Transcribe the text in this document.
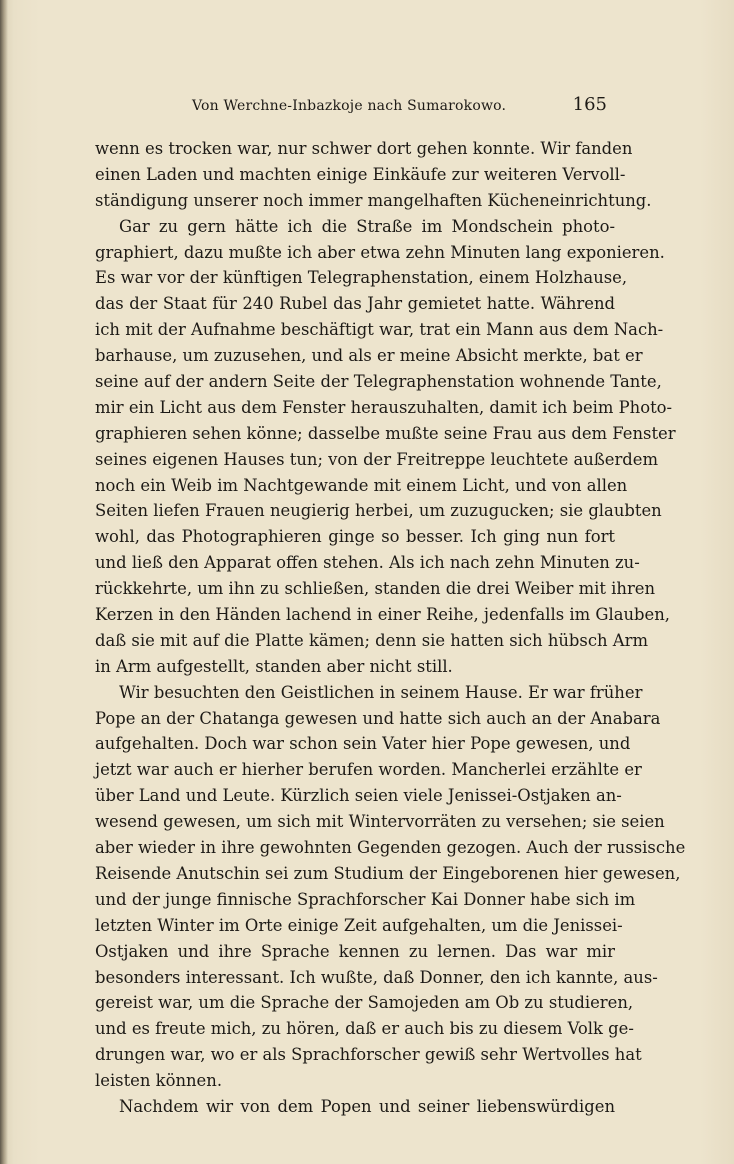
Von Werchne-Inbazkoje nach Sumarokowo.	165
wenn es trocken war, nur schwer dort gehen konnte. Wir fanden
einen Laden und machten einige Einkäufe zur weiteren Vervoll-
ständigung unserer noch immer mangelhaften Kücheneinrichtung.
Gar zu gern hätte ich die Straße im Mondschein photo-
graphiert, dazu mußte ich aber etwa zehn Minuten lang exponieren.
Es war vor der künftigen Telegraphenstation, einem Holzhause,
das der Staat für 240 Rubel das Jahr gemietet hatte. Während
ich mit der Aufnahme beschäftigt war, trat ein Mann aus dem Nach-
barhause, um zuzusehen, und als er meine Absicht merkte, bat er
seine auf der andern Seite der Telegraphenstation wohnende Tante,
mir ein Licht aus dem Fenster herauszuhalten, damit ich beim Photo-
graphieren sehen könne; dasselbe mußte seine Frau aus dem Fenster
seines eigenen Hauses tun; von der Freitreppe leuchtete außerdem
noch ein Weib im Nachtgewande mit einem Licht, und von allen
Seiten liefen Frauen neugierig herbei, um zuzugucken; sie glaubten
wohl, das Photographieren ginge so besser. Ich ging nun fort
und ließ den Apparat offen stehen. Als ich nach zehn Minuten zu-
rückkehrte, um ihn zu schließen, standen die drei Weiber mit ihren
Kerzen in den Händen lachend in einer Reihe, jedenfalls im Glauben,
daß sie mit auf die Platte kämen; denn sie hatten sich hübsch Arm
in Arm aufgestellt, standen aber nicht still.
Wir besuchten den Geistlichen in seinem Hause. Er war früher
Pope an der Chatanga gewesen und hatte sich auch an der Anabara
aufgehalten. Doch war schon sein Vater hier Pope gewesen, und
jetzt war auch er hierher berufen worden. Mancherlei erzählte er
über Land und Leute. Kürzlich seien viele Jenissei-Ostjaken an-
wesend gewesen, um sich mit Wintervorräten zu versehen; sie seien
aber wieder in ihre gewohnten Gegenden gezogen. Auch der russische
Reisende Anutschin sei zum Studium der Eingeborenen hier gewesen,
und der junge finnische Sprachforscher Kai Donner habe sich im
letzten Winter im Orte einige Zeit aufgehalten, um die Jenissei-
Ostjaken und ihre Sprache kennen zu lernen. Das war mir
besonders interessant. Ich wußte, daß Donner, den ich kannte, aus-
gereist war, um die Sprache der Samojeden am Ob zu studieren,
und es freute mich, zu hören, daß er auch bis zu diesem Volk ge-
drungen war, wo er als Sprachforscher gewiß sehr Wertvolles hat
leisten können.
Nachdem wir von dem Popen und seiner liebenswürdigen
